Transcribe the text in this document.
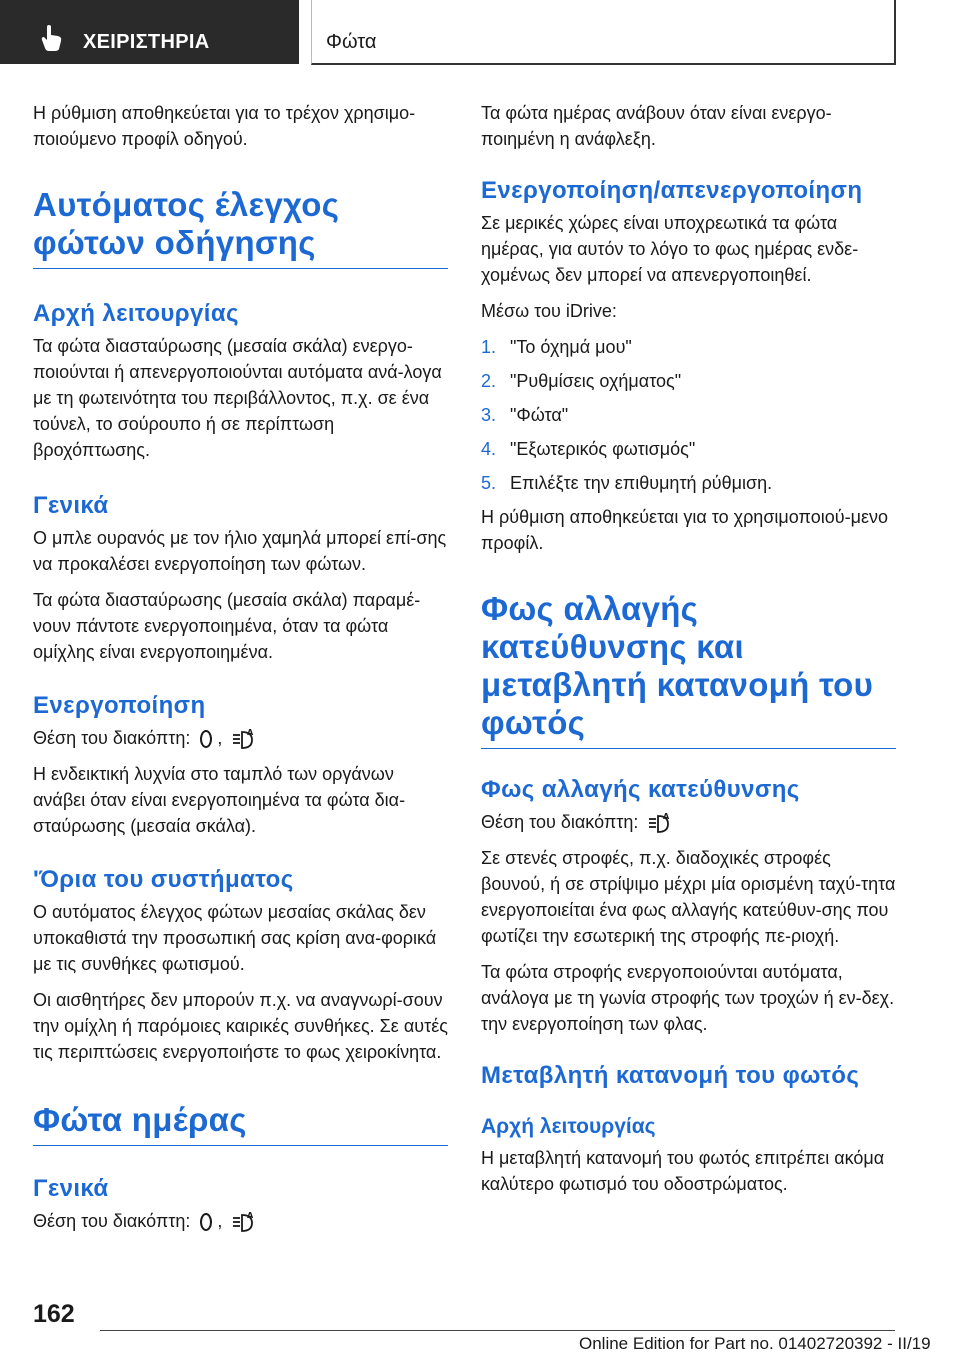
ΧΕΙΡΙΣΤΗΡΙΑ	Φώτα

Η ρύθμιση αποθηκεύεται για το τρέχον χρησιμο‐ποιούμενο προφίλ οδηγού.

Αυτόματος έλεγχος φώτων οδήγησης
Αρχή λειτουργίας

Τα φώτα διασταύρωσης (μεσαία σκάλα) ενεργο‐ποιούνται ή απενεργοποιούνται αυτόματα ανά‐λογα με τη φωτεινότητα του περιβάλλοντος, π.χ. σε ένα τούνελ, το σούρουπο ή σε περίπτωση βροχόπτωσης.

Γενικά

Ο μπλε ουρανός με τον ήλιο χαμηλά μπορεί επί‐σης να προκαλέσει ενεργοποίηση των φώτων.

Τα φώτα διασταύρωσης (μεσαία σκάλα) παραμέ‐νουν πάντοτε ενεργοποιημένα, όταν τα φώτα ομίχλης είναι ενεργοποιημένα.

Ενεργοποίηση

Θέση του διακόπτη: ,	A

Η ενδεικτική λυχνία στο ταμπλό των οργάνων ανάβει όταν είναι ενεργοποιημένα τα φώτα δια‐σταύρωσης (μεσαία σκάλα).

'Όρια του συστήματος

Ο αυτόματος έλεγχος φώτων μεσαίας σκάλας δεν υποκαθιστά την προσωπική σας κρίση ανα‐φορικά με τις συνθήκες φωτισμού.

Οι αισθητήρες δεν μπορούν π.χ. να αναγνωρί‐σουν την ομίχλη ή παρόμοιες καιρικές συνθήκες. Σε αυτές τις περιπτώσεις ενεργοποιήστε το φως χειροκίνητα.

Φώτα ημέρας
Γενικά

Θέση του διακόπτη: ,	A

Τα φώτα ημέρας ανάβουν όταν είναι ενεργο‐ποιημένη η ανάφλεξη.

Ενεργοποίηση/απενεργοποίηση

Σε μερικές χώρες είναι υποχρεωτικά τα φώτα ημέρας, για αυτόν το λόγο το φως ημέρας ενδε‐χομένως δεν μπορεί να απενεργοποιηθεί.

Μέσω του iDrive:

1. "Το όχημά μου"
2. "Ρυθμίσεις οχήματος"
3. "Φώτα"
4. "Εξωτερικός φωτισμός"
5. Επιλέξτε την επιθυμητή ρύθμιση.

Η ρύθμιση αποθηκεύεται για το χρησιμοποιού‐μενο προφίλ.

Φως αλλαγής κατεύθυνσης και μεταβλητή κατανομή του φωτός
Φως αλλαγής κατεύθυνσης

Θέση του διακόπτη:	A

Σε στενές στροφές, π.χ. διαδοχικές στροφές βουνού, ή σε στρίψιμο μέχρι μία ορισμένη ταχύ‐τητα ενεργοποιείται ένα φως αλλαγής κατεύθυν‐σης που φωτίζει την εσωτερική της στροφής πε‐ριοχή.

Τα φώτα στροφής ενεργοποιούνται αυτόματα, ανάλογα με τη γωνία στροφής των τροχών ή εν‐δεχ. την ενεργοποίηση των φλας.

Μεταβλητή κατανομή του φωτός
Αρχή λειτουργίας

Η μεταβλητή κατανομή του φωτός επιτρέπει ακόμα καλύτερο φωτισμό του οδοστρώματος.

162
Online Edition for Part no. 01402720392 - II/19
